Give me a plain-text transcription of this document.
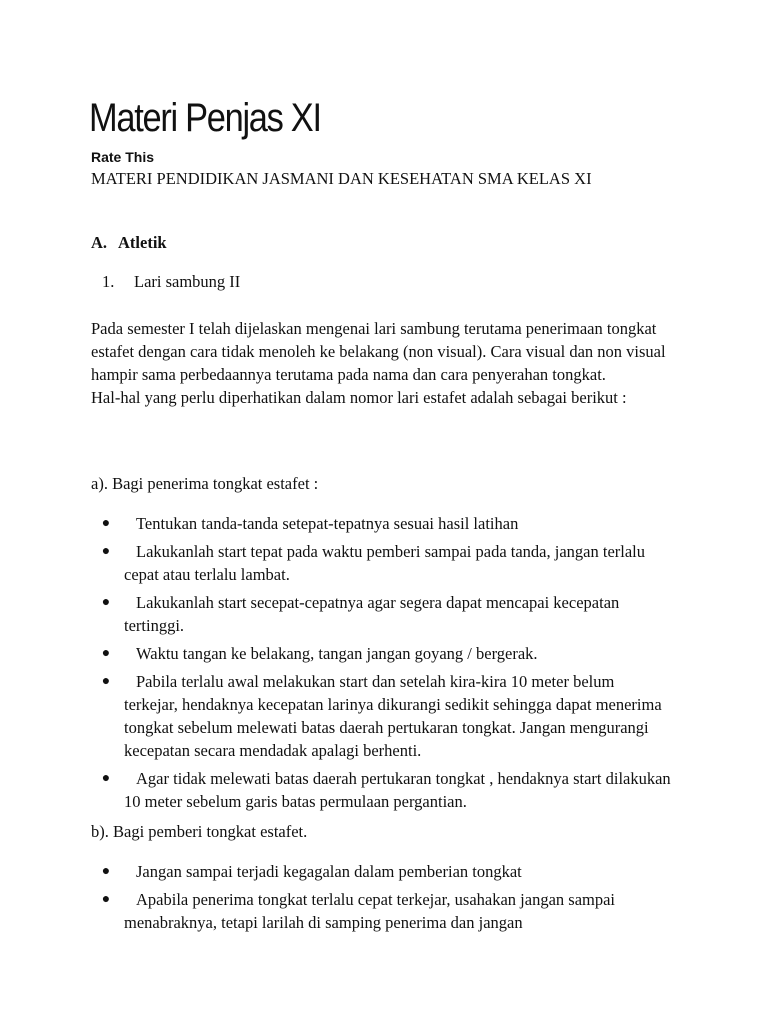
Materi Penjas XI
Rate This
MATERI PENDIDIKAN JASMANI DAN KESEHATAN SMA KELAS XI
A. Atletik
1. Lari sambung II

Pada semester I telah dijelaskan mengenai lari sambung terutama penerimaan tongkat estafet dengan cara tidak menoleh ke belakang (non visual). Cara visual dan non visual hampir sama perbedaannya terutama pada nama dan cara penyerahan tongkat.

Hal-hal yang perlu diperhatikan dalam nomor lari estafet adalah sebagai berikut :

a). Bagi penerima tongkat estafet :
●	Tentukan tanda-tanda setepat-tepatnya sesuai hasil latihan
●	Lakukanlah start tepat pada waktu pemberi sampai pada tanda, jangan terlalu cepat atau terlalu lambat.
●	Lakukanlah start secepat-cepatnya agar segera dapat mencapai kecepatan tertinggi.
●	Waktu tangan ke belakang, tangan jangan goyang / bergerak.
●	Pabila terlalu awal melakukan start dan setelah kira-kira 10 meter belum terkejar, hendaknya kecepatan larinya dikurangi sedikit sehingga dapat menerima tongkat sebelum melewati batas daerah pertukaran tongkat. Jangan mengurangi kecepatan secara mendadak apalagi berhenti.
●	Agar tidak melewati batas daerah pertukaran tongkat , hendaknya start dilakukan 10 meter sebelum garis batas permulaan pergantian.
b). Bagi pemberi tongkat estafet.
●	Jangan sampai terjadi kegagalan dalam pemberian tongkat
●	Apabila penerima tongkat terlalu cepat terkejar, usahakan jangan sampai menabraknya, tetapi larilah di samping penerima dan jangan
